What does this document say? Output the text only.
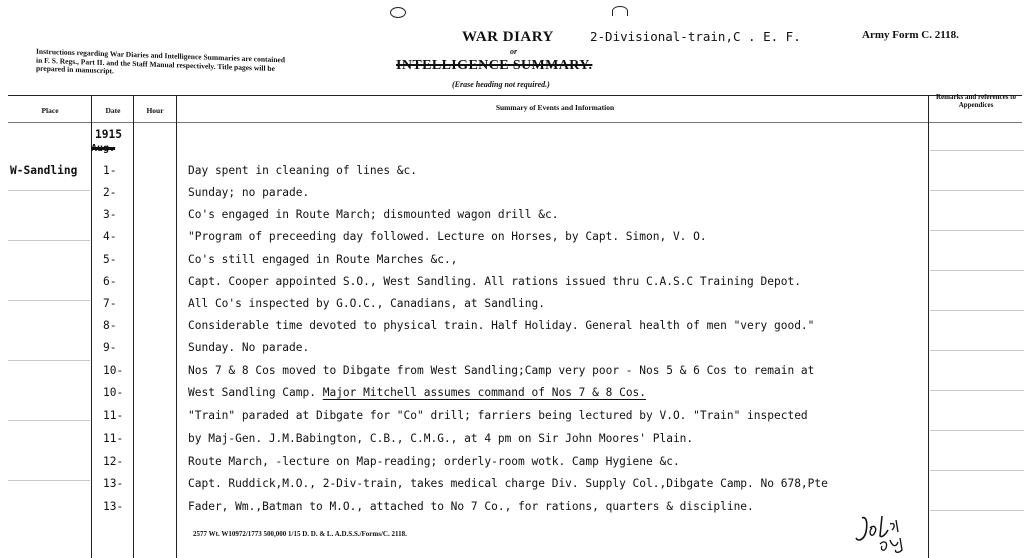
Instructions regarding War Diaries and Intelligence Summaries are contained in F. S. Regs., Part II. and the Staff Manual respectively. Title pages will be prepared in manuscript.
WAR DIARY	2-Divisional-train,C . E. F.
or
INTELLIGENCE SUMMARY.
(Erase heading not required.)
Army Form C. 2118.
Place	Date	Hour	Summary of Events and Information
Remarks and references to Appendices
1915
Aug.
W-Sandling 1-	Day spent in cleaning of lines &c.
2-	Sunday; no parade.
3-	Co's engaged in Route March; dismounted wagon drill &c.
4-	"Program of preceeding day followed. Lecture on Horses, by Capt. Simon, V. O.
5-	Co's still engaged in Route Marches &c.,
6-	Capt. Cooper appointed S.O., West Sandling. All rations issued thru C.A.S.C Training Depot.
7-	All Co's inspected by G.O.C., Canadians, at Sandling.
8-	Considerable time devoted to physical train. Half Holiday. General health of men "very good."
9-	Sunday. No parade.
10-	Nos 7 & 8 Cos moved to Dibgate from West Sandling;Camp very poor - Nos 5 & 6 Cos to remain at
10-	West Sandling Camp. Major Mitchell assumes command of Nos 7 & 8 Cos.
11-	"Train" paraded at Dibgate for "Co" drill; farriers being lectured by V.O. "Train" inspected
11-	by Maj-Gen. J.M.Babington, C.B., C.M.G., at 4 pm on Sir John Moores' Plain.
12-	Route March, -lecture on Map-reading; orderly-room wotk. Camp Hygiene &c.
13-	Capt. Ruddick,M.O., 2-Div-train, takes medical charge Div. Supply Col.,Dibgate Camp. No 678,Pte
13-	Fader, Wm.,Batman to M.O., attached to No 7 Co., for rations, quarters & discipline.
2577 Wt. W10972/1773 500,000 1/15 D. D. & L. A.D.S.S./Forms/C. 2118.
